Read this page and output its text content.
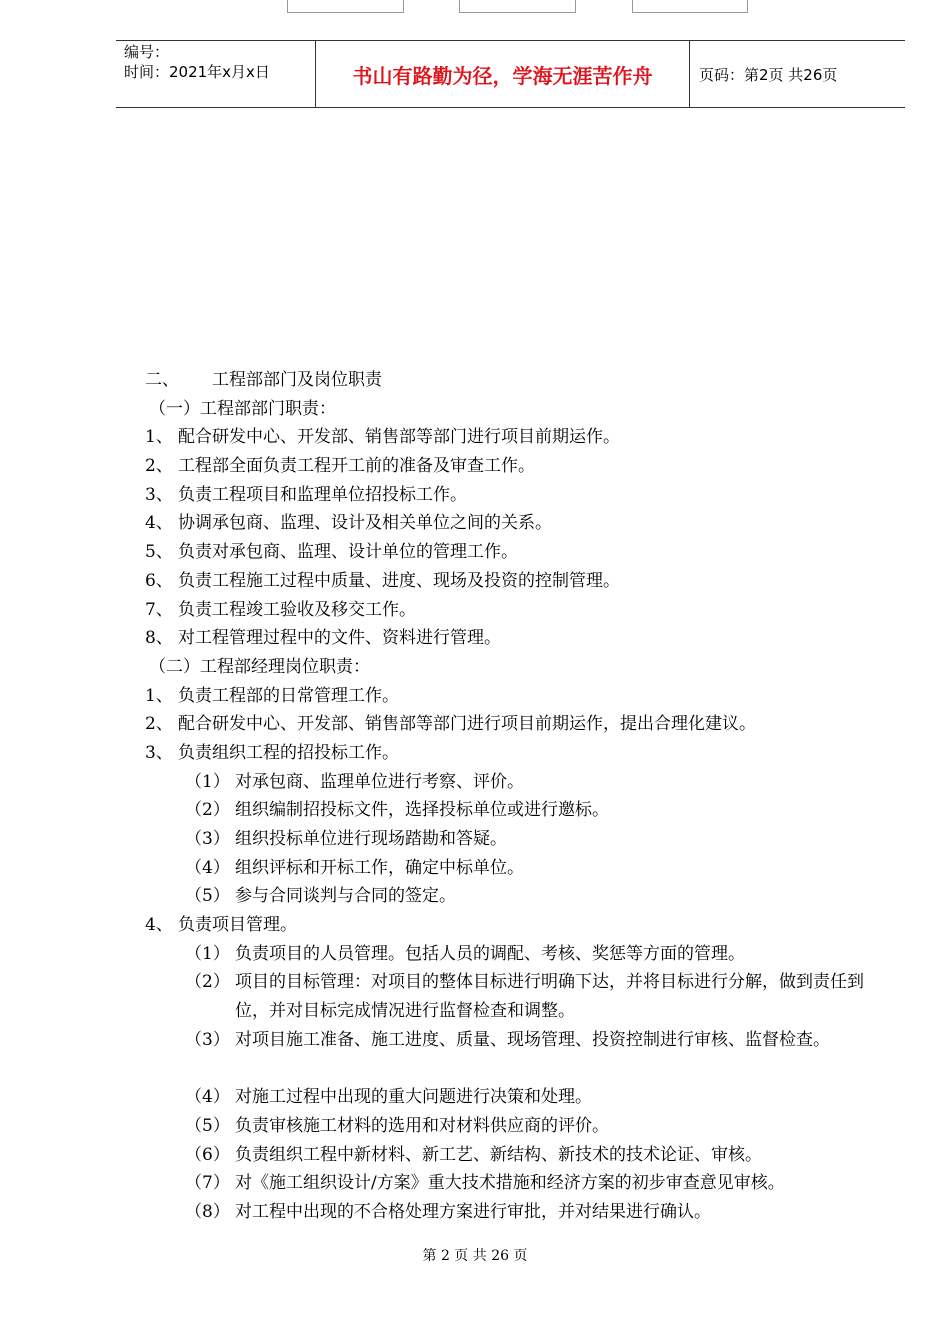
编号：
时间：2021年x月x日	书山有路勤为径，学海无涯苦作舟	页码：第2页 共26页
二、 工程部部门及岗位职责
（一）工程部部门职责：
1、 配合研发中心、开发部、销售部等部门进行项目前期运作。
2、 工程部全面负责工程开工前的准备及审查工作。
3、 负责工程项目和监理单位招投标工作。
4、 协调承包商、监理、设计及相关单位之间的关系。
5、 负责对承包商、监理、设计单位的管理工作。
6、 负责工程施工过程中质量、进度、现场及投资的控制管理。
7、 负责工程竣工验收及移交工作。
8、 对工程管理过程中的文件、资料进行管理。
（二）工程部经理岗位职责：
1、 负责工程部的日常管理工作。
2、 配合研发中心、开发部、销售部等部门进行项目前期运作，提出合理化建议。
3、 负责组织工程的招投标工作。
（1） 对承包商、监理单位进行考察、评价。
（2） 组织编制招投标文件，选择投标单位或进行邀标。
（3） 组织投标单位进行现场踏勘和答疑。
（4） 组织评标和开标工作，确定中标单位。
（5） 参与合同谈判与合同的签定。
4、 负责项目管理。
（1） 负责项目的人员管理。包括人员的调配、考核、奖惩等方面的管理。
（2） 项目的目标管理：对项目的整体目标进行明确下达，并将目标进行分解，做到责任到位，并对目标完成情况进行监督检查和调整。
（3） 对项目施工准备、施工进度、质量、现场管理、投资控制进行审核、监督检查。
（4） 对施工过程中出现的重大问题进行决策和处理。
（5） 负责审核施工材料的选用和对材料供应商的评价。
（6） 负责组织工程中新材料、新工艺、新结构、新技术的技术论证、审核。
（7） 对《施工组织设计/方案》重大技术措施和经济方案的初步审查意见审核。
（8） 对工程中出现的不合格处理方案进行审批，并对结果进行确认。
第 2 页 共 26 页
